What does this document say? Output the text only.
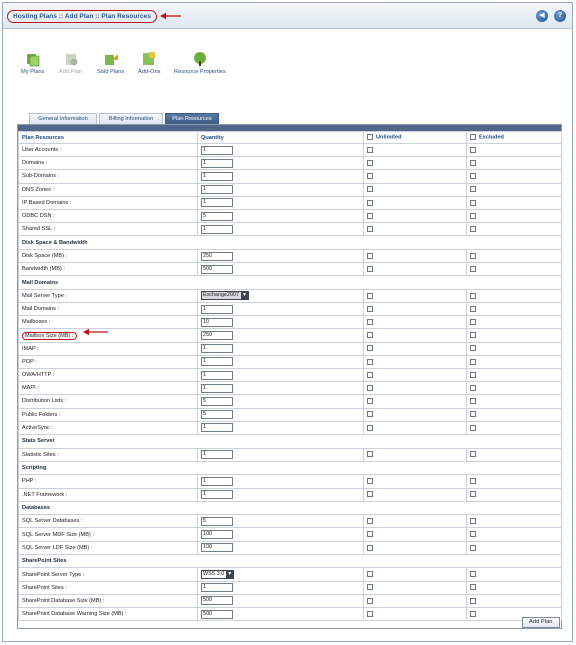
Hosting Plans :: Add Plan :: Plan Resources	◀	?
My Plans	Add Plan	Sold Plans Add-Ons Resource Properties
General Information	Billing Information	Plan Resources
Plan Resources	Quantity	Unlimited	Excluded
User Accounts :	1		
Domains :	1		
Sub-Domains :	1		
DNS Zones :	1		
IP Based Domains :	1		
ODBC DSN :	5		
Shared SSL :	1		
Disk Space & Bandwidth			
Disk Space (MB) :	250		
Bandwidth (MB) :	500		
Mail Domains			
Mail Server Type :	Exchange2007 ▾		
Mail Domains :	1		
Mailboxes :	10		
Mailbox Size (MB) :	250		
IMAP :	1		
POP :	1		
OWA/HTTP :	1		
MAPI :	1		
Distribution Lists :	5		
Public Folders :	5		
ActiveSync :	1		
Stats Server			
Statistic Sites :	1		
Scripting			
PHP :	1		
.NET Framework :	1		
Databases			
SQL Server Databases :	5		
SQL Server MDF Size (MB) :	100		
SQL Server LDF Size (MB) :	100		
SharePoint Sites			
SharePoint Server Type :	WSS 3.0 ▾		
SharePoint Sites :	1		
SharePoint Database Size (MB) :	500		
SharePoint Database Warning Size (MB) :	500		
Add Plan
